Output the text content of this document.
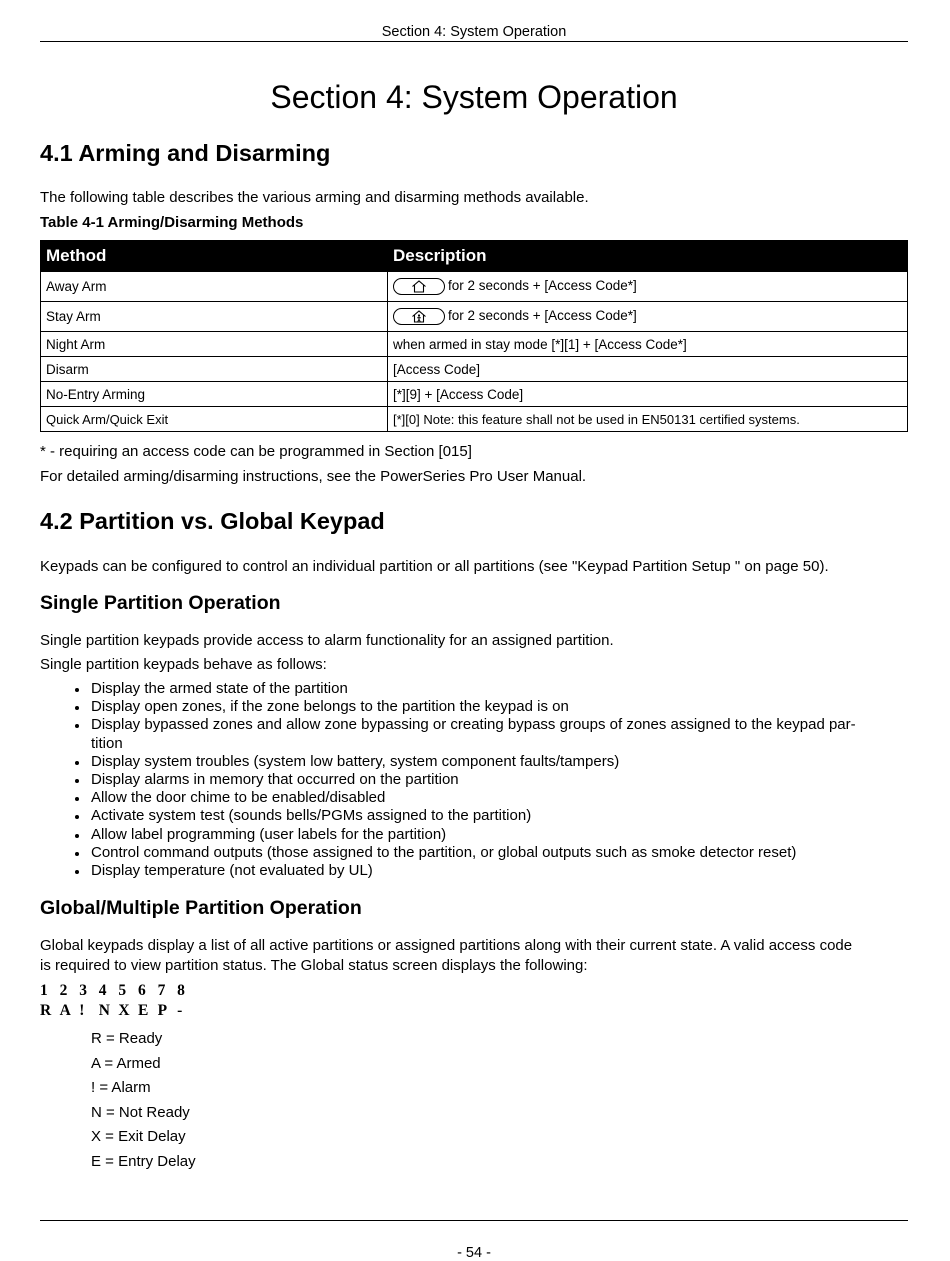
Section 4: System Operation
Section 4: System Operation
4.1 Arming and Disarming

The following table describes the various arming and disarming methods available.

Table 4-1 Arming/Disarming Methods

Method	Description
Away Arm	for 2 seconds + [Access Code*]
Stay Arm	for 2 seconds + [Access Code*]
Night Arm	when armed in stay mode [*][1] + [Access Code*]
Disarm	[Access Code]
No-Entry Arming	[*][9] + [Access Code]
Quick Arm/Quick Exit	[*][0] Note: this feature shall not be used in EN50131 certified systems.

* - requiring an access code can be programmed in Section [015]

For detailed arming/disarming instructions, see the PowerSeries Pro User Manual.

4.2 Partition vs. Global Keypad

Keypads can be configured to control an individual partition or all partitions (see "Keypad Partition Setup " on page 50).

Single Partition Operation

Single partition keypads provide access to alarm functionality for an assigned partition.

Single partition keypads behave as follows:

Display the armed state of the partition
Display open zones, if the zone belongs to the partition the keypad is on
Display bypassed zones and allow zone bypassing or creating bypass groups of zones assigned to the keypad par-
tition
Display system troubles (system low battery, system component faults/tampers)
Display alarms in memory that occurred on the partition
Allow the door chime to be enabled/disabled
Activate system test (sounds bells/PGMs assigned to the partition)
Allow label programming (user labels for the partition)
Control command outputs (those assigned to the partition, or global outputs such as smoke detector reset)
Display temperature (not evaluated by UL)
Global/Multiple Partition Operation

Global keypads display a list of all active partitions or assigned partitions along with their current state. A valid access code

is required to view partition status. The Global status screen displays the following:

1 2 3 4 5 6 7 8
R A ! N X E P -
R = Ready
A = Armed
! = Alarm
N = Not Ready
X = Exit Delay
E = Entry Delay
- 54 -
